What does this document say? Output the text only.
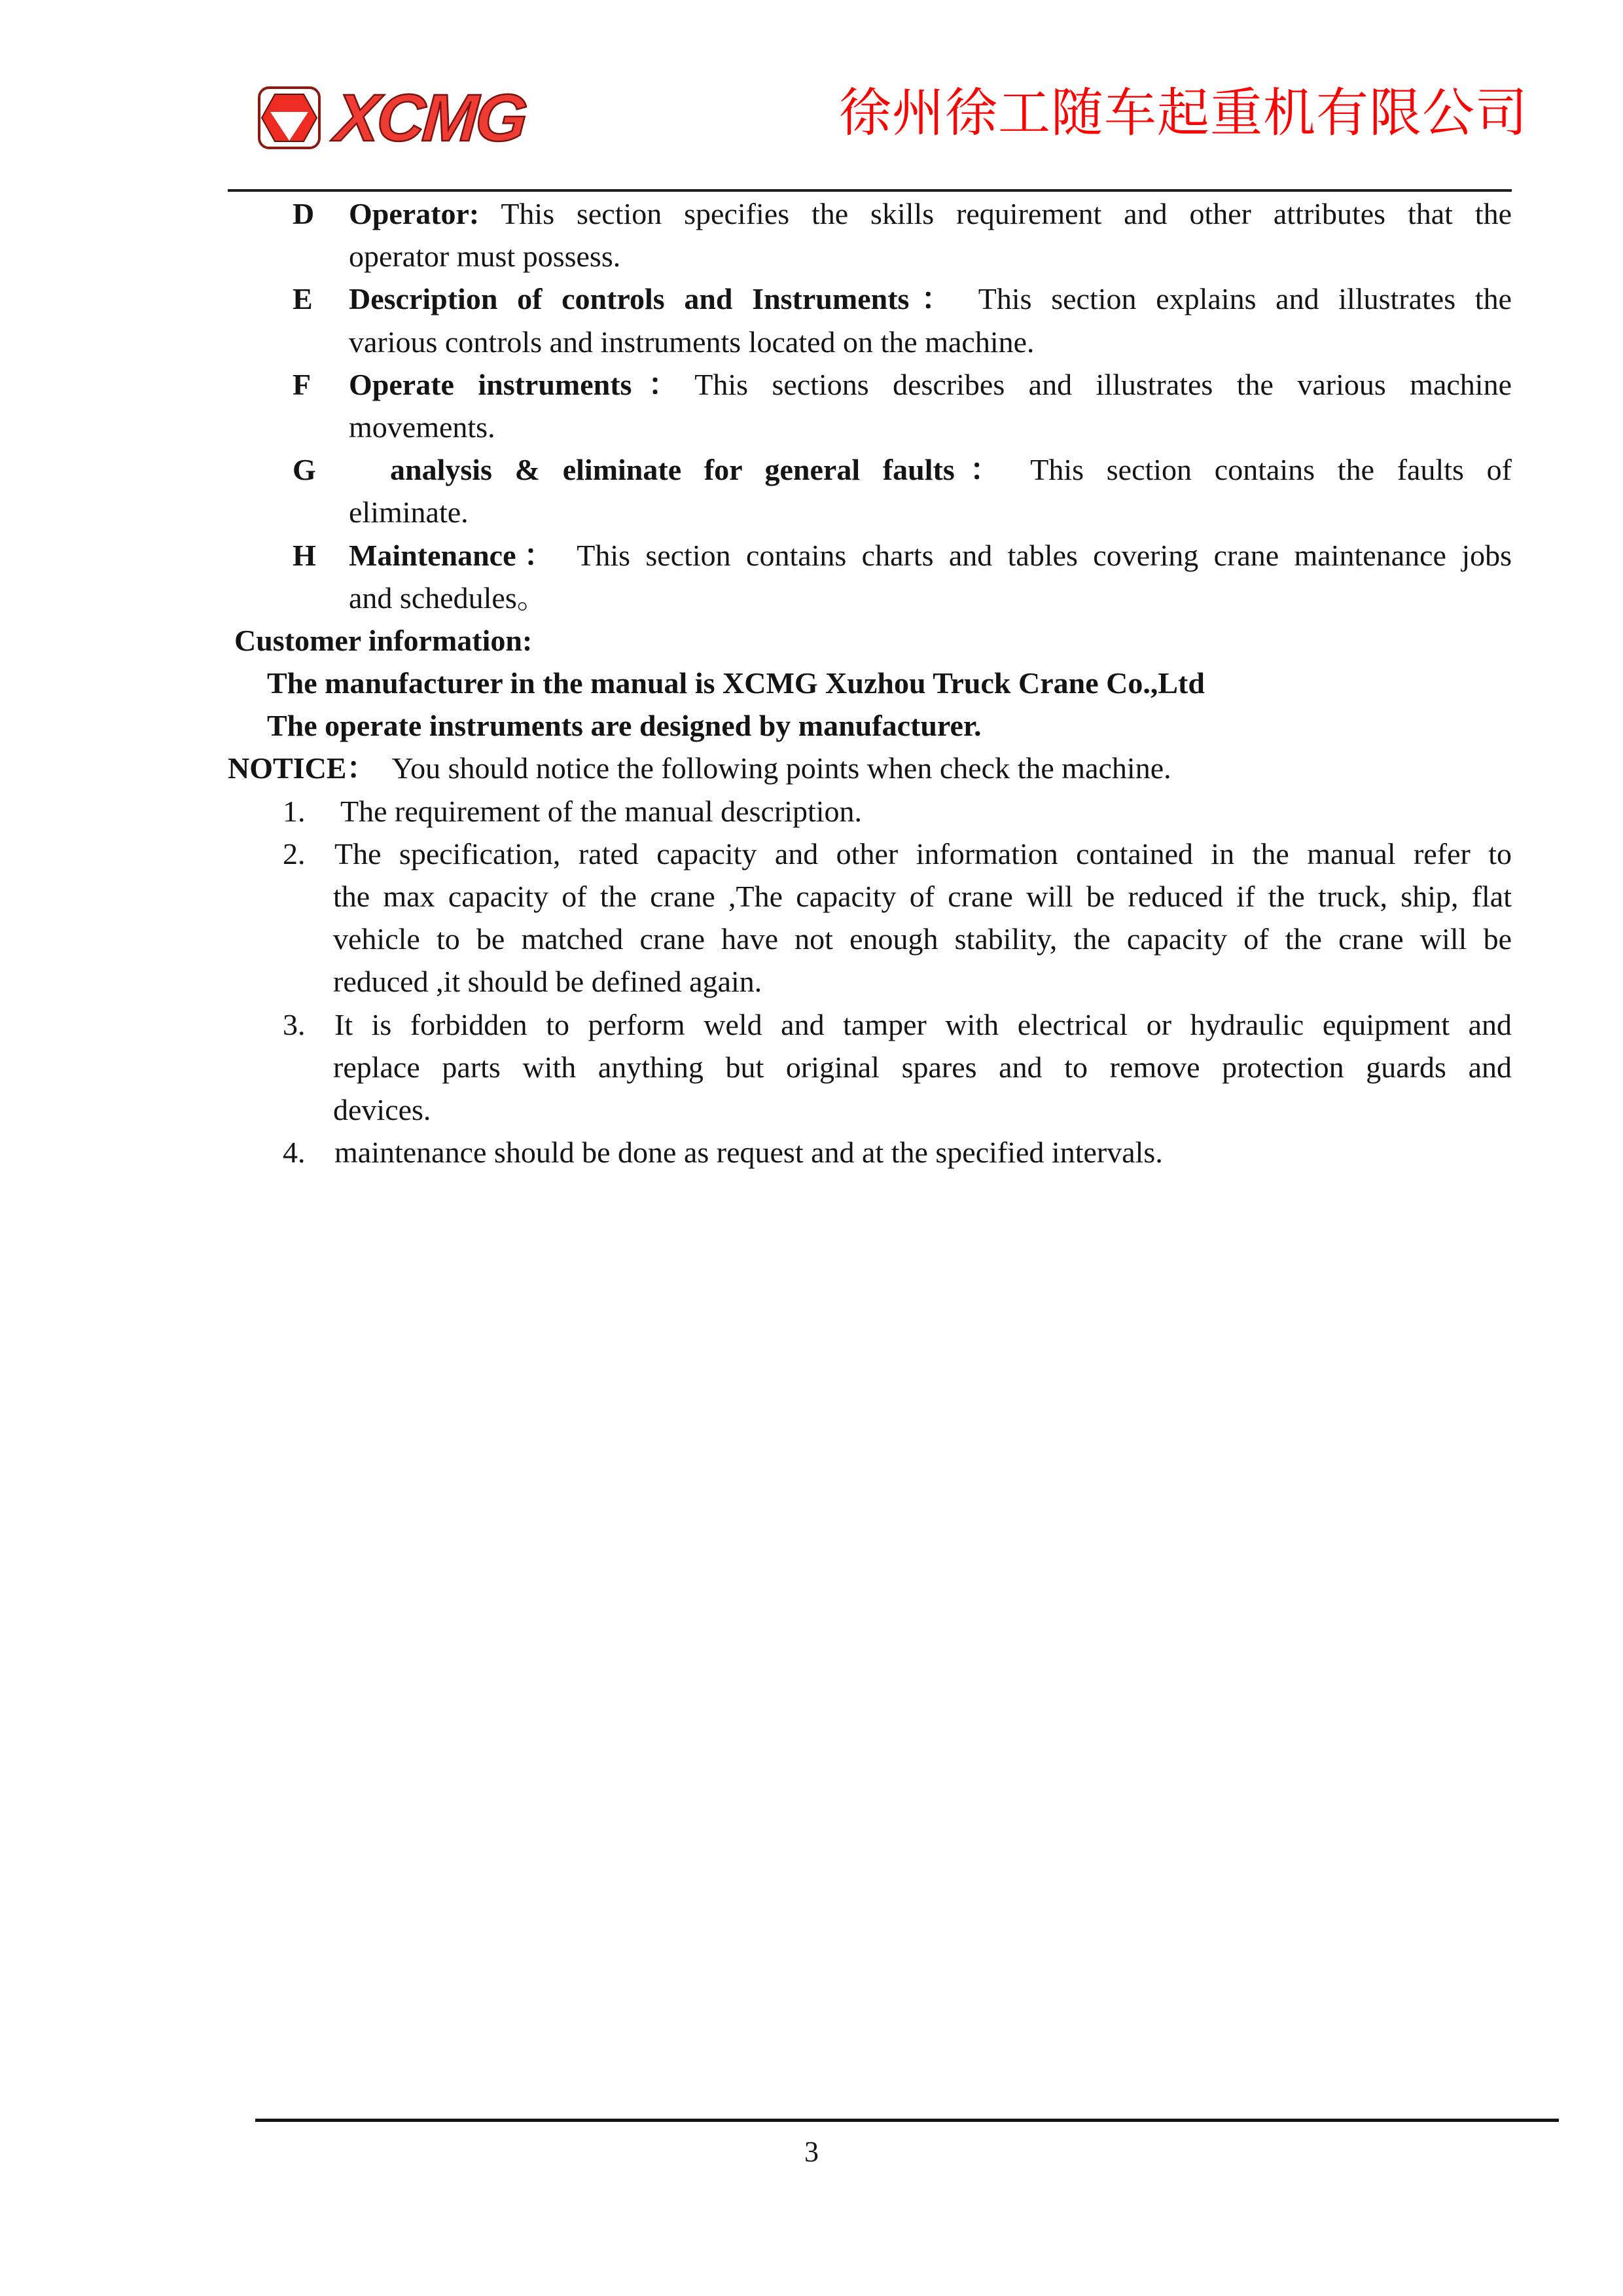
XCMG	徐州徐工随车起重机有限公司
D Operator: This section specifies the skills requirement and other attributes that the
operator must possess.
E Description of controls and Instruments： This section explains and illustrates the
various controls and instruments located on the machine.
F Operate instruments：This sections describes and illustrates the various machine
movements.
G analysis & eliminate for general faults： This section contains the faults of
eliminate.
H Maintenance： This section contains charts and tables covering crane maintenance jobs
and schedules。
Customer information:
The manufacturer in the manual is XCMG Xuzhou Truck Crane Co.,Ltd
The operate instruments are designed by manufacturer.
NOTICE： You should notice the following points when check the machine.
1. The requirement of the manual description.
2. The specification, rated capacity and other information contained in the manual refer to
the max capacity of the crane ,The capacity of crane will be reduced if the truck, ship, flat
vehicle to be matched crane have not enough stability, the capacity of the crane will be
reduced ,it should be defined again.
3. It is forbidden to perform weld and tamper with electrical or hydraulic equipment and
replace parts with anything but original spares and to remove protection guards and
devices.
4. maintenance should be done as request and at the specified intervals.
3
